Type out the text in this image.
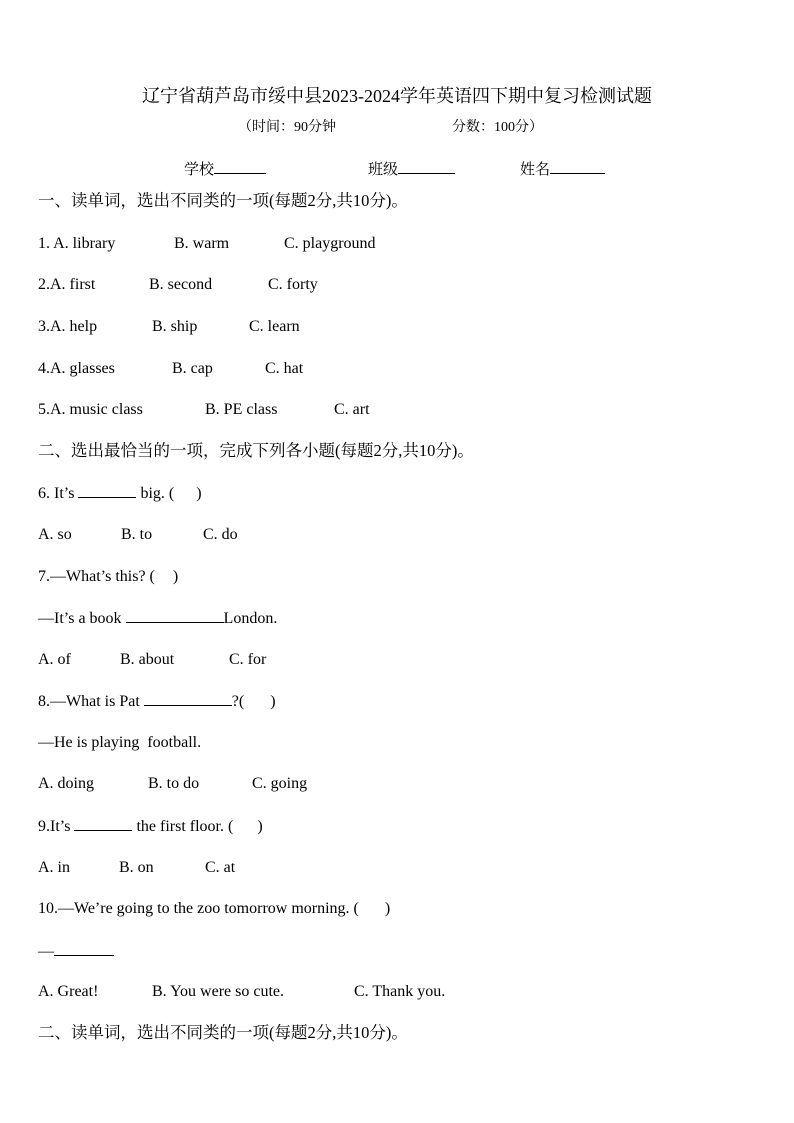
辽宁省葫芦岛市绥中县2023-2024学年英语四下期中复习检测试题
（时间：90分钟	分数：100分）
学校	班级	姓名
一、读单词，选出不同类的一项(每题2分,共10分)。
1. A. library	B. warm	C. playground
2.A. first	B. second	C. forty
3.A. help	B. ship	C. learn
4.A. glasses	B. cap	C. hat
5.A. music class	B. PE class	C. art
二、选出最恰当的一项，完成下列各小题(每题2分,共10分)。
6. It’s	big. ( )
A. so	B. to	C. do
7.—What’s this? ( )
—It’s a book	London.
A. of	B. about	C. for
8.—What is Pat	?( )
—He is playing  football.
A. doing	B. to do	C. going
9.It’s	the first floor. ( )
A. in	B. on	C. at
10.—We’re going to the zoo tomorrow morning. ( )
—
A. Great!	B. You were so cute.	C. Thank you.
二、读单词，选出不同类的一项(每题2分,共10分)。
